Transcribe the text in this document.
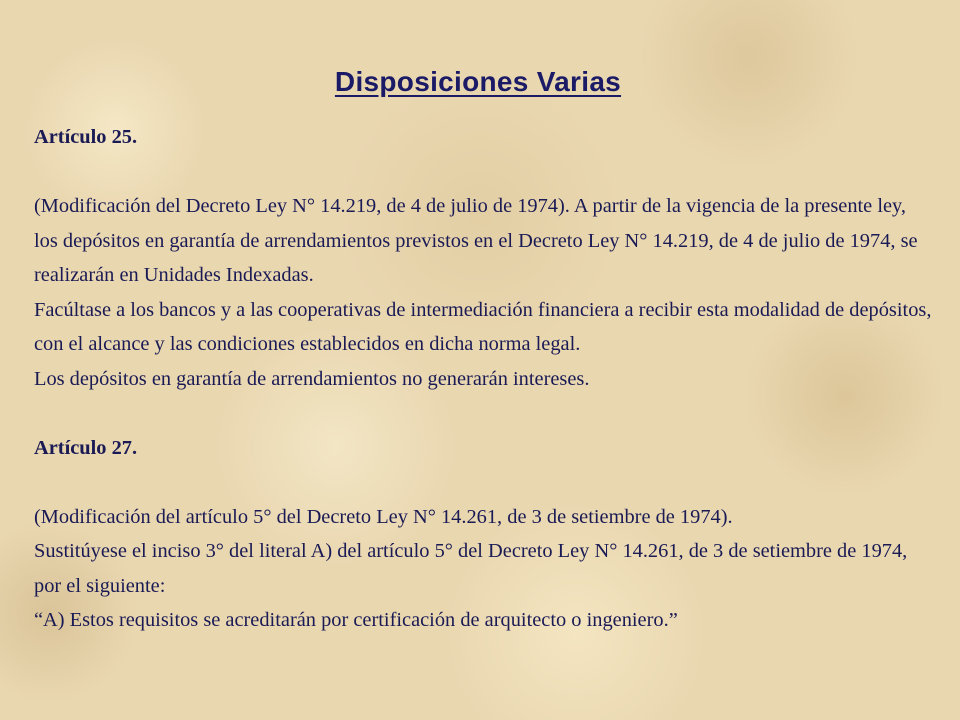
Disposiciones Varias

Artículo 25.

(Modificación del Decreto Ley N° 14.219, de 4 de julio de 1974). A partir de la vigencia de la presente ley, los depósitos en garantía de arrendamientos previstos en el Decreto Ley N° 14.219, de 4 de julio de 1974, se realizarán en Unidades Indexadas.

Facúltase a los bancos y a las cooperativas de intermediación financiera a recibir esta modalidad de depósitos, con el alcance y las condiciones establecidos en dicha norma legal.

Los depósitos en garantía de arrendamientos no generarán intereses.

Artículo 27.

(Modificación del artículo 5° del Decreto Ley N° 14.261, de 3 de setiembre de 1974).

Sustitúyese el inciso 3° del literal A) del artículo 5° del Decreto Ley N° 14.261, de 3 de setiembre de 1974, por el siguiente:

“A) Estos requisitos se acreditarán por certificación de arquitecto o ingeniero.”
